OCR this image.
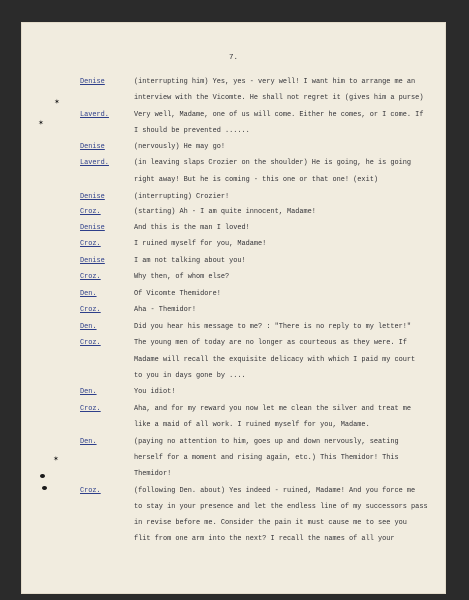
7.
Denise	(interrupting him) Yes, yes - very well! I want him to arrange me an
interview with the Vicomte. He shall not regret it (gives him a purse)
Laverd.	Very well, Madame, one of us will come. Either he comes, or I come. If
I should be prevented ......
Denise	(nervously) He may go!
Laverd.	(in leaving slaps Crozier on the shoulder) He is going, he is going
right away! But he is coming - this one or that one! (exit)
Denise	(interrupting) Crozier!
Croz.	(starting) Ah - I am quite innocent, Madame!
Denise	And this is the man I loved!
Croz.	I ruined myself for you, Madame!
Denise	I am not talking about you!
Croz.	Why then, of whom else?
Den.	Of Vicomte Themidore!
Croz.	Aha - Themidor!
Den.	Did you hear his message to me? : "There is no reply to my letter!"
Croz.	The young men of today are no longer as courteous as they were. If
Madame will recall the exquisite delicacy with which I paid my court
to you in days gone by ....
Den.	You idiot!
Croz.	Aha, and for my reward you now let me clean the silver and treat me
like a maid of all work. I ruined myself for you, Madame.
Den.	(paying no attention to him, goes up and down nervously, seating
herself for a moment and rising again, etc.) This Themidor! This
Themidor!
Croz.	(following Den. about) Yes indeed - ruined, Madame! And you force me
to stay in your presence and let the endless line of my successors pass
in revise before me. Consider the pain it must cause me to see you
flit from one arm into the next? I recall the names of all your
✶
✶
✶
